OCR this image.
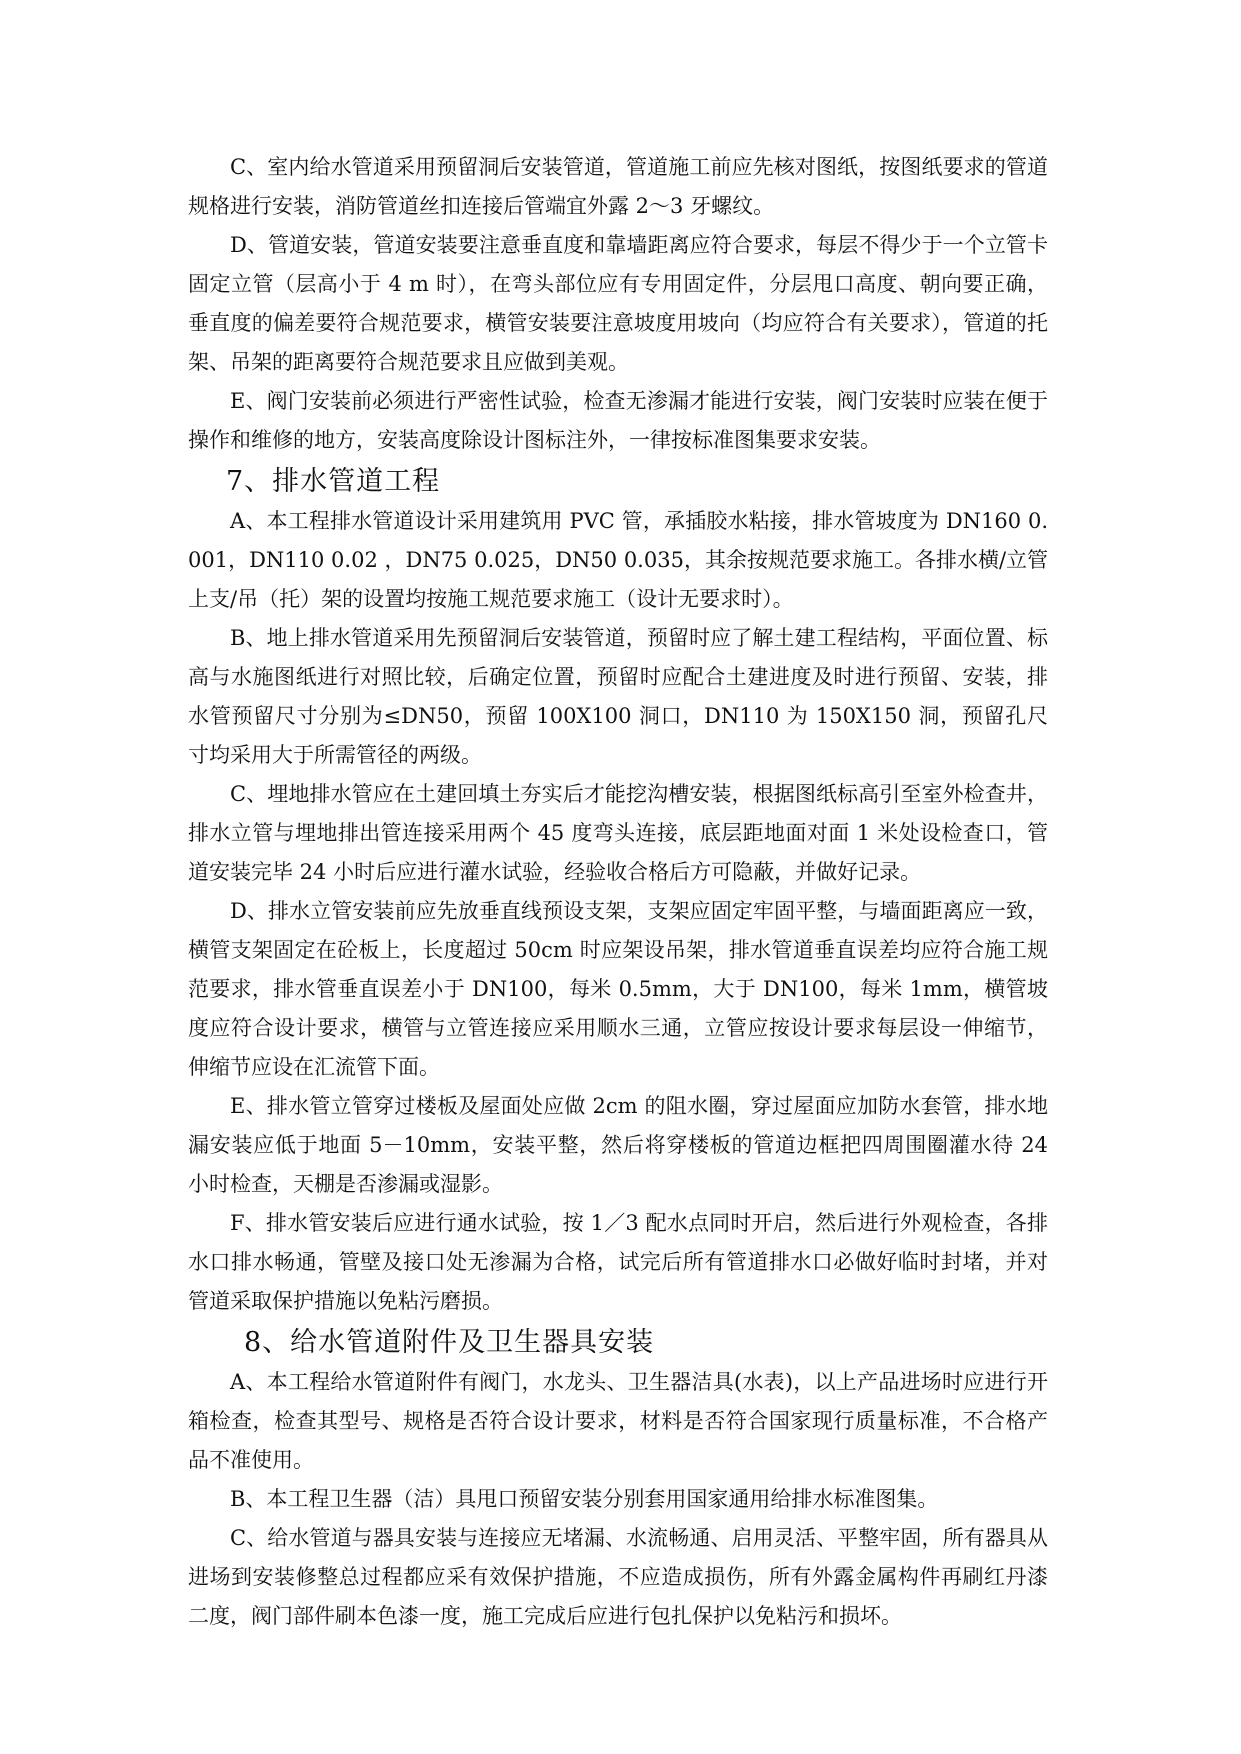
C、室内给水管道采用预留洞后安装管道，管道施工前应先核对图纸，按图纸要求的管道规格进行安装，消防管道丝扣连接后管端宜外露 2～3 牙螺纹。

D、管道安装，管道安装要注意垂直度和靠墙距离应符合要求，每层不得少于一个立管卡固定立管（层高小于 4 m 时），在弯头部位应有专用固定件，分层甩口高度、朝向要正确，垂直度的偏差要符合规范要求，横管安装要注意坡度用坡向（均应符合有关要求），管道的托架、吊架的距离要符合规范要求且应做到美观。

E、阀门安装前必须进行严密性试验，检查无渗漏才能进行安装，阀门安装时应装在便于操作和维修的地方，安装高度除设计图标注外，一律按标准图集要求安装。

7、排水管道工程

A、本工程排水管道设计采用建筑用 PVC 管，承插胶水粘接，排水管坡度为 DN160 0.001，DN110 0.02 ，DN75 0.025，DN50 0.035，其余按规范要求施工。各排水横/立管上支/吊（托）架的设置均按施工规范要求施工（设计无要求时）。

B、地上排水管道采用先预留洞后安装管道，预留时应了解土建工程结构，平面位置、标高与水施图纸进行对照比较，后确定位置，预留时应配合土建进度及时进行预留、安装，排水管预留尺寸分别为≤DN50，预留 100X100 洞口，DN110 为 150X150 洞，预留孔尺寸均采用大于所需管径的两级。

C、埋地排水管应在土建回填土夯实后才能挖沟槽安装，根据图纸标高引至室外检查井，排水立管与埋地排出管连接采用两个 45 度弯头连接，底层距地面对面 1 米处设检查口，管道安装完毕 24 小时后应进行灌水试验，经验收合格后方可隐蔽，并做好记录。

D、排水立管安装前应先放垂直线预设支架，支架应固定牢固平整，与墙面距离应一致，横管支架固定在砼板上，长度超过 50cm 时应架设吊架，排水管道垂直误差均应符合施工规范要求，排水管垂直误差小于 DN100，每米 0.5mm，大于 DN100，每米 1mm，横管坡度应符合设计要求，横管与立管连接应采用顺水三通，立管应按设计要求每层设一伸缩节，伸缩节应设在汇流管下面。

E、排水管立管穿过楼板及屋面处应做 2cm 的阻水圈，穿过屋面应加防水套管，排水地漏安装应低于地面 5－10mm，安装平整，然后将穿楼板的管道边框把四周围圈灌水待 24 小时检查，天棚是否渗漏或湿影。

F、排水管安装后应进行通水试验，按 1／3 配水点同时开启，然后进行外观检查，各排水口排水畅通，管壁及接口处无渗漏为合格，试完后所有管道排水口必做好临时封堵，并对管道采取保护措施以免粘污磨损。

8、给水管道附件及卫生器具安装

A、本工程给水管道附件有阀门，水龙头、卫生器洁具(水表)，以上产品进场时应进行开箱检查，检查其型号、规格是否符合设计要求，材料是否符合国家现行质量标准，不合格产品不准使用。

B、本工程卫生器（洁）具甩口预留安装分别套用国家通用给排水标准图集。

C、给水管道与器具安装与连接应无堵漏、水流畅通、启用灵活、平整牢固，所有器具从进场到安装修整总过程都应采有效保护措施，不应造成损伤，所有外露金属构件再刷红丹漆二度，阀门部件刷本色漆一度，施工完成后应进行包扎保护以免粘污和损坏。
